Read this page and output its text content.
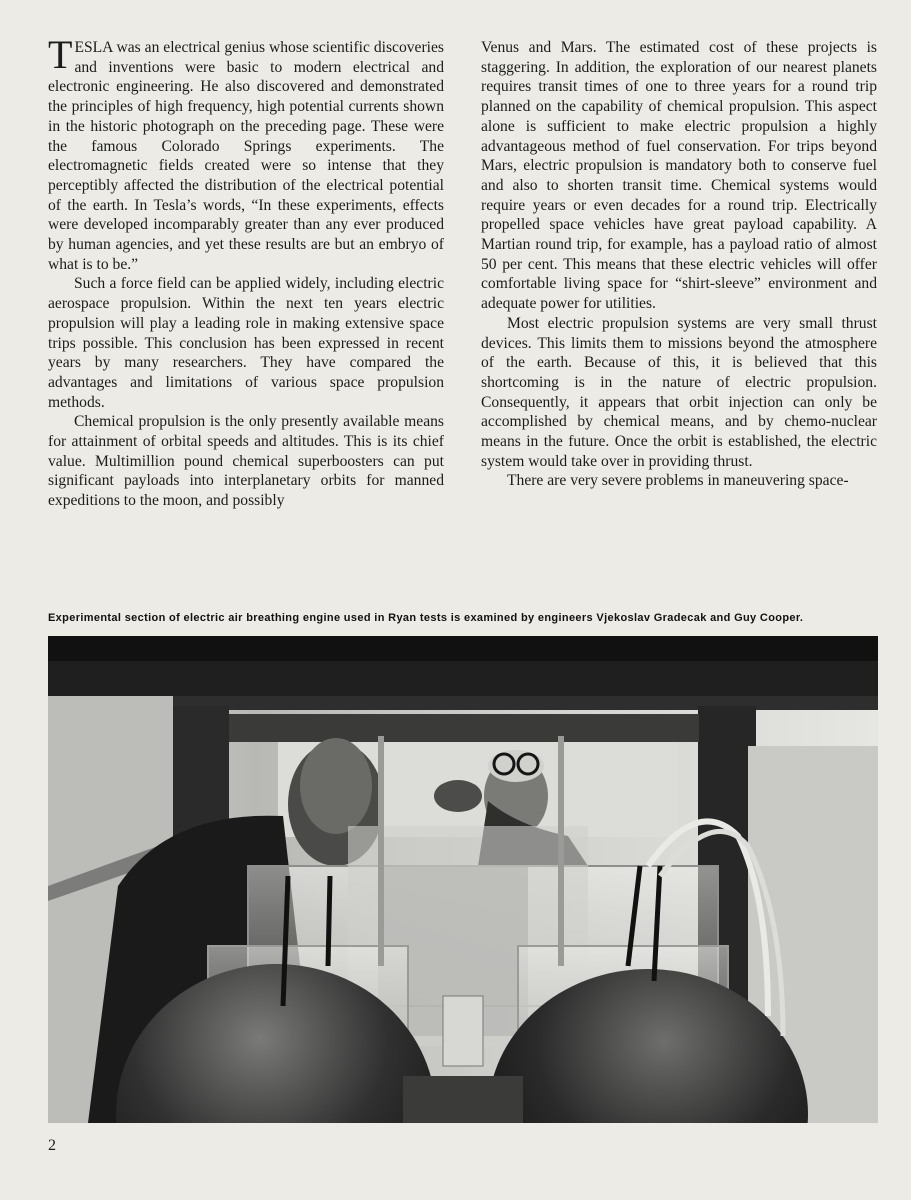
TESLA was an electrical genius whose scientific discoveries and inventions were basic to modern electrical and electronic engineering. He also discovered and demonstrated the principles of high frequency, high potential currents shown in the historic photograph on the preceding page. These were the famous Colorado Springs experiments. The electromagnetic fields created were so intense that they perceptibly affected the distribution of the electrical potential of the earth. In Tesla’s words, “In these experiments, effects were developed incomparably greater than any ever produced by human agencies, and yet these results are but an embryo of what is to be.”

Such a force field can be applied widely, including electric aerospace propulsion. Within the next ten years electric propulsion will play a leading role in making extensive space trips possible. This conclusion has been expressed in recent years by many researchers. They have compared the advantages and limitations of various space propulsion methods.

Chemical propulsion is the only presently available means for attainment of orbital speeds and altitudes. This is its chief value. Multimillion pound chemical superboosters can put significant payloads into interplanetary orbits for manned expeditions to the moon, and possibly

Venus and Mars. The estimated cost of these projects is staggering. In addition, the exploration of our nearest planets requires transit times of one to three years for a round trip planned on the capability of chemical propulsion. This aspect alone is sufficient to make electric propulsion a highly advantageous method of fuel conservation. For trips beyond Mars, electric propulsion is mandatory both to conserve fuel and also to shorten transit time. Chemical systems would require years or even decades for a round trip. Electrically propelled space vehicles have great payload capability. A Martian round trip, for example, has a payload ratio of almost 50 per cent. This means that these electric vehicles will offer comfortable living space for “shirt-sleeve” environment and adequate power for utilities.

Most electric propulsion systems are very small thrust devices. This limits them to missions beyond the atmosphere of the earth. Because of this, it is believed that this shortcoming is in the nature of electric propulsion. Consequently, it appears that orbit injection can only be accomplished by chemical means, and by chemo-nuclear means in the future. Once the orbit is established, the electric system would take over in providing thrust.

There are very severe problems in maneuvering space-

Experimental section of electric air breathing engine used in Ryan tests is examined by engineers Vjekoslav Gradecak and Guy Cooper.
2
